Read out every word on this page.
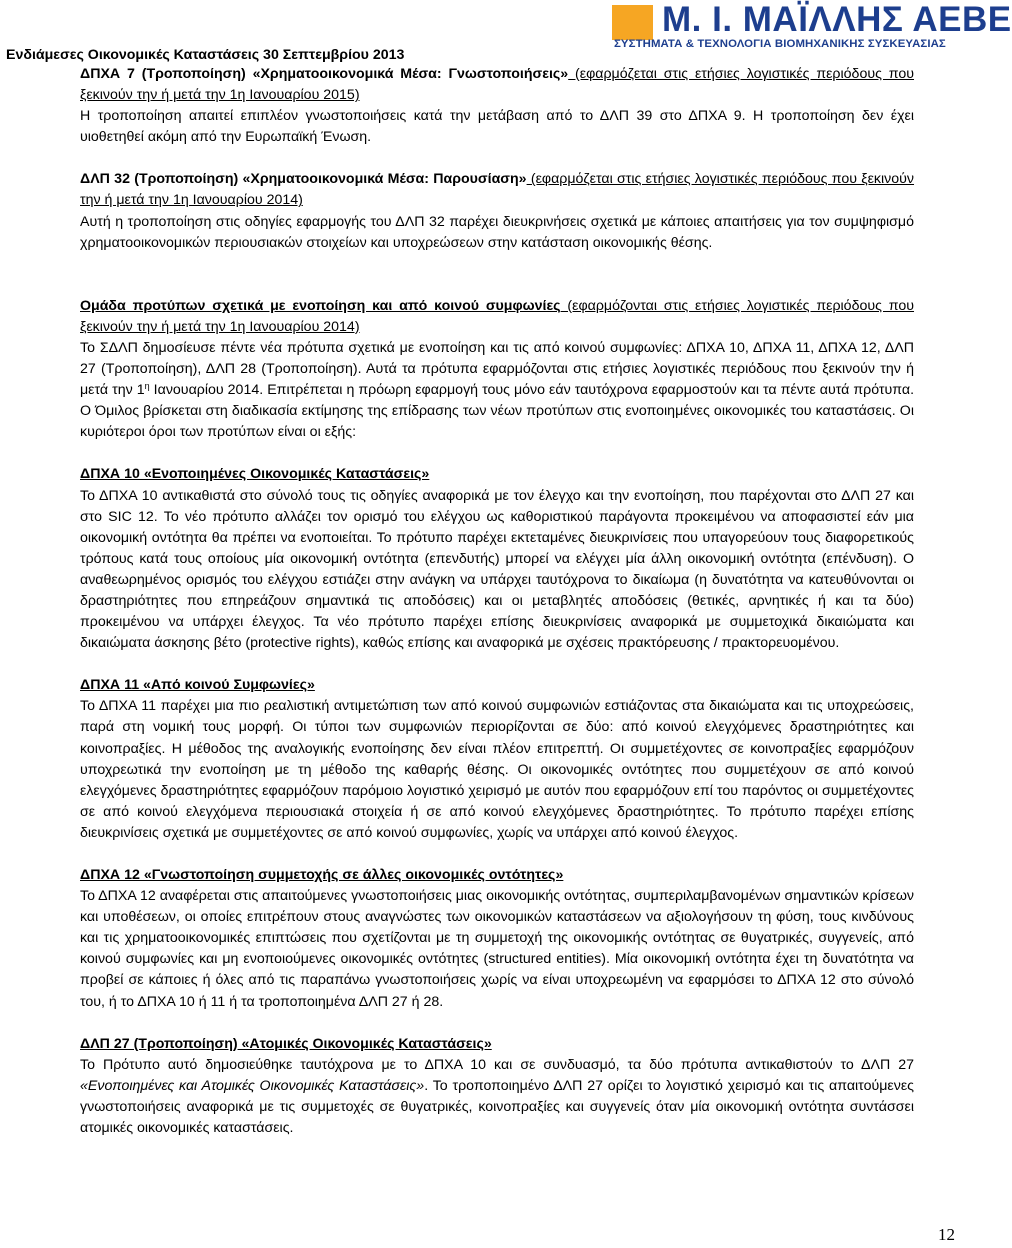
Ενδιάμεσες Οικονομικές Καταστάσεις 30 Σεπτεμβρίου 2013
Μ. Ι. ΜΑΪΛΛΗΣ ΑΕΒΕ
ΣΥΣΤΗΜΑΤΑ & ΤΕΧΝΟΛΟΓΙΑ ΒΙΟΜΗΧΑΝΙΚΗΣ ΣΥΣΚΕΥΑΣΙΑΣ

ΔΠΧΑ 7 (Τροποποίηση) «Χρηματοοικονομικά Μέσα: Γνωστοποιήσεις» (εφαρμόζεται στις ετήσιες λογιστικές περιόδους που ξεκινούν την ή μετά την 1η Ιανουαρίου 2015)

Η τροποποίηση απαιτεί επιπλέον γνωστοποιήσεις κατά την μετάβαση από το ΔΛΠ 39 στο ΔΠΧΑ 9. Η τροποποίηση δεν έχει υιοθετηθεί ακόμη από την Ευρωπαϊκή Ένωση.

ΔΛΠ 32 (Τροποποίηση) «Χρηματοοικονομικά Μέσα: Παρουσίαση» (εφαρμόζεται στις ετήσιες λογιστικές περιόδους που ξεκινούν την ή μετά την 1η Ιανουαρίου 2014)

Αυτή η τροποποίηση στις οδηγίες εφαρμογής του ΔΛΠ 32 παρέχει διευκρινήσεις σχετικά με κάποιες απαιτήσεις για τον συμψηφισμό χρηματοοικονομικών περιουσιακών στοιχείων και υποχρεώσεων στην κατάσταση οικονομικής θέσης.

Ομάδα προτύπων σχετικά με ενοποίηση και από κοινού συμφωνίες (εφαρμόζονται στις ετήσιες λογιστικές περιόδους που ξεκινούν την ή μετά την 1η Ιανουαρίου 2014)

Το ΣΔΛΠ δημοσίευσε πέντε νέα πρότυπα σχετικά με ενοποίηση και τις από κοινού συμφωνίες: ΔΠΧΑ 10, ΔΠΧΑ 11, ΔΠΧΑ 12, ΔΛΠ 27 (Τροποποίηση), ΔΛΠ 28 (Τροποποίηση). Αυτά τα πρότυπα εφαρμόζονται στις ετήσιες λογιστικές περιόδους που ξεκινούν την ή μετά την $1^\eta$ Ιανουαρίου 2014. Επιτρέπεται η πρόωρη εφαρμογή τους μόνο εάν ταυτόχρονα εφαρμοστούν και τα πέντε αυτά πρότυπα. Ο Όμιλος βρίσκεται στη διαδικασία εκτίμησης της επίδρασης των νέων προτύπων στις ενοποιημένες οικονομικές του καταστάσεις. Οι κυριότεροι όροι των προτύπων είναι οι εξής:

ΔΠΧΑ 10 «Ενοποιημένες Οικονομικές Καταστάσεις»

Το ΔΠΧΑ 10 αντικαθιστά στο σύνολό τους τις οδηγίες αναφορικά με τον έλεγχο και την ενοποίηση, που παρέχονται στο ΔΛΠ 27 και στο SIC 12. Το νέο πρότυπο αλλάζει τον ορισμό του ελέγχου ως καθοριστικού παράγοντα προκειμένου να αποφασιστεί εάν μια οικονομική οντότητα θα πρέπει να ενοποιείται. Το πρότυπο παρέχει εκτεταμένες διευκρινίσεις που υπαγορεύουν τους διαφορετικούς τρόπους κατά τους οποίους μία οικονομική οντότητα (επενδυτής) μπορεί να ελέγχει μία άλλη οικονομική οντότητα (επένδυση). Ο αναθεωρημένος ορισμός του ελέγχου εστιάζει στην ανάγκη να υπάρχει ταυτόχρονα το δικαίωμα (η δυνατότητα να κατευθύνονται οι δραστηριότητες που επηρεάζουν σημαντικά τις αποδόσεις) και οι μεταβλητές αποδόσεις (θετικές, αρνητικές ή και τα δύο) προκειμένου να υπάρχει έλεγχος. Τα νέο πρότυπο παρέχει επίσης διευκρινίσεις αναφορικά με συμμετοχικά δικαιώματα και δικαιώματα άσκησης βέτο (protective rights), καθώς επίσης και αναφορικά με σχέσεις πρακτόρευσης / πρακτορευομένου.

ΔΠΧΑ 11 «Από κοινού Συμφωνίες»

Το ΔΠΧΑ 11 παρέχει μια πιο ρεαλιστική αντιμετώπιση των από κοινού συμφωνιών εστιάζοντας στα δικαιώματα και τις υποχρεώσεις, παρά στη νομική τους μορφή. Οι τύποι των συμφωνιών περιορίζονται σε δύο: από κοινού ελεγχόμενες δραστηριότητες και κοινοπραξίες. Η μέθοδος της αναλογικής ενοποίησης δεν είναι πλέον επιτρεπτή. Οι συμμετέχοντες σε κοινοπραξίες εφαρμόζουν υποχρεωτικά την ενοποίηση με τη μέθοδο της καθαρής θέσης. Οι οικονομικές οντότητες που συμμετέχουν σε από κοινού ελεγχόμενες δραστηριότητες εφαρμόζουν παρόμοιο λογιστικό χειρισμό με αυτόν που εφαρμόζουν επί του παρόντος οι συμμετέχοντες σε από κοινού ελεγχόμενα περιουσιακά στοιχεία ή σε από κοινού ελεγχόμενες δραστηριότητες. Το πρότυπο παρέχει επίσης διευκρινίσεις σχετικά με συμμετέχοντες σε από κοινού συμφωνίες, χωρίς να υπάρχει από κοινού έλεγχος.

ΔΠΧΑ 12 «Γνωστοποίηση συμμετοχής σε άλλες οικονομικές οντότητες»

Το ΔΠΧΑ 12 αναφέρεται στις απαιτούμενες γνωστοποιήσεις μιας οικονομικής οντότητας, συμπεριλαμβανομένων σημαντικών κρίσεων και υποθέσεων, οι οποίες επιτρέπουν στους αναγνώστες των οικονομικών καταστάσεων να αξιολογήσουν τη φύση, τους κινδύνους και τις χρηματοοικονομικές επιπτώσεις που σχετίζονται με τη συμμετοχή της οικονομικής οντότητας σε θυγατρικές, συγγενείς, από κοινού συμφωνίες και μη ενοποιούμενες οικονομικές οντότητες (structured entities). Μία οικονομική οντότητα έχει τη δυνατότητα να προβεί σε κάποιες ή όλες από τις παραπάνω γνωστοποιήσεις χωρίς να είναι υποχρεωμένη να εφαρμόσει το ΔΠΧΑ 12 στο σύνολό του, ή το ΔΠΧΑ 10 ή 11 ή τα τροποποιημένα ΔΛΠ 27 ή 28.

ΔΛΠ 27 (Τροποποίηση) «Ατομικές Οικονομικές Καταστάσεις»

Το Πρότυπο αυτό δημοσιεύθηκε ταυτόχρονα με το ΔΠΧΑ 10 και σε συνδυασμό, τα δύο πρότυπα αντικαθιστούν το ΔΛΠ 27 «Ενοποιημένες και Ατομικές Οικονομικές Καταστάσεις». Το τροποποιημένο ΔΛΠ 27 ορίζει το λογιστικό χειρισμό και τις απαιτούμενες γνωστοποιήσεις αναφορικά με τις συμμετοχές σε θυγατρικές, κοινοπραξίες και συγγενείς όταν μία οικονομική οντότητα συντάσσει ατομικές οικονομικές καταστάσεις.

12
